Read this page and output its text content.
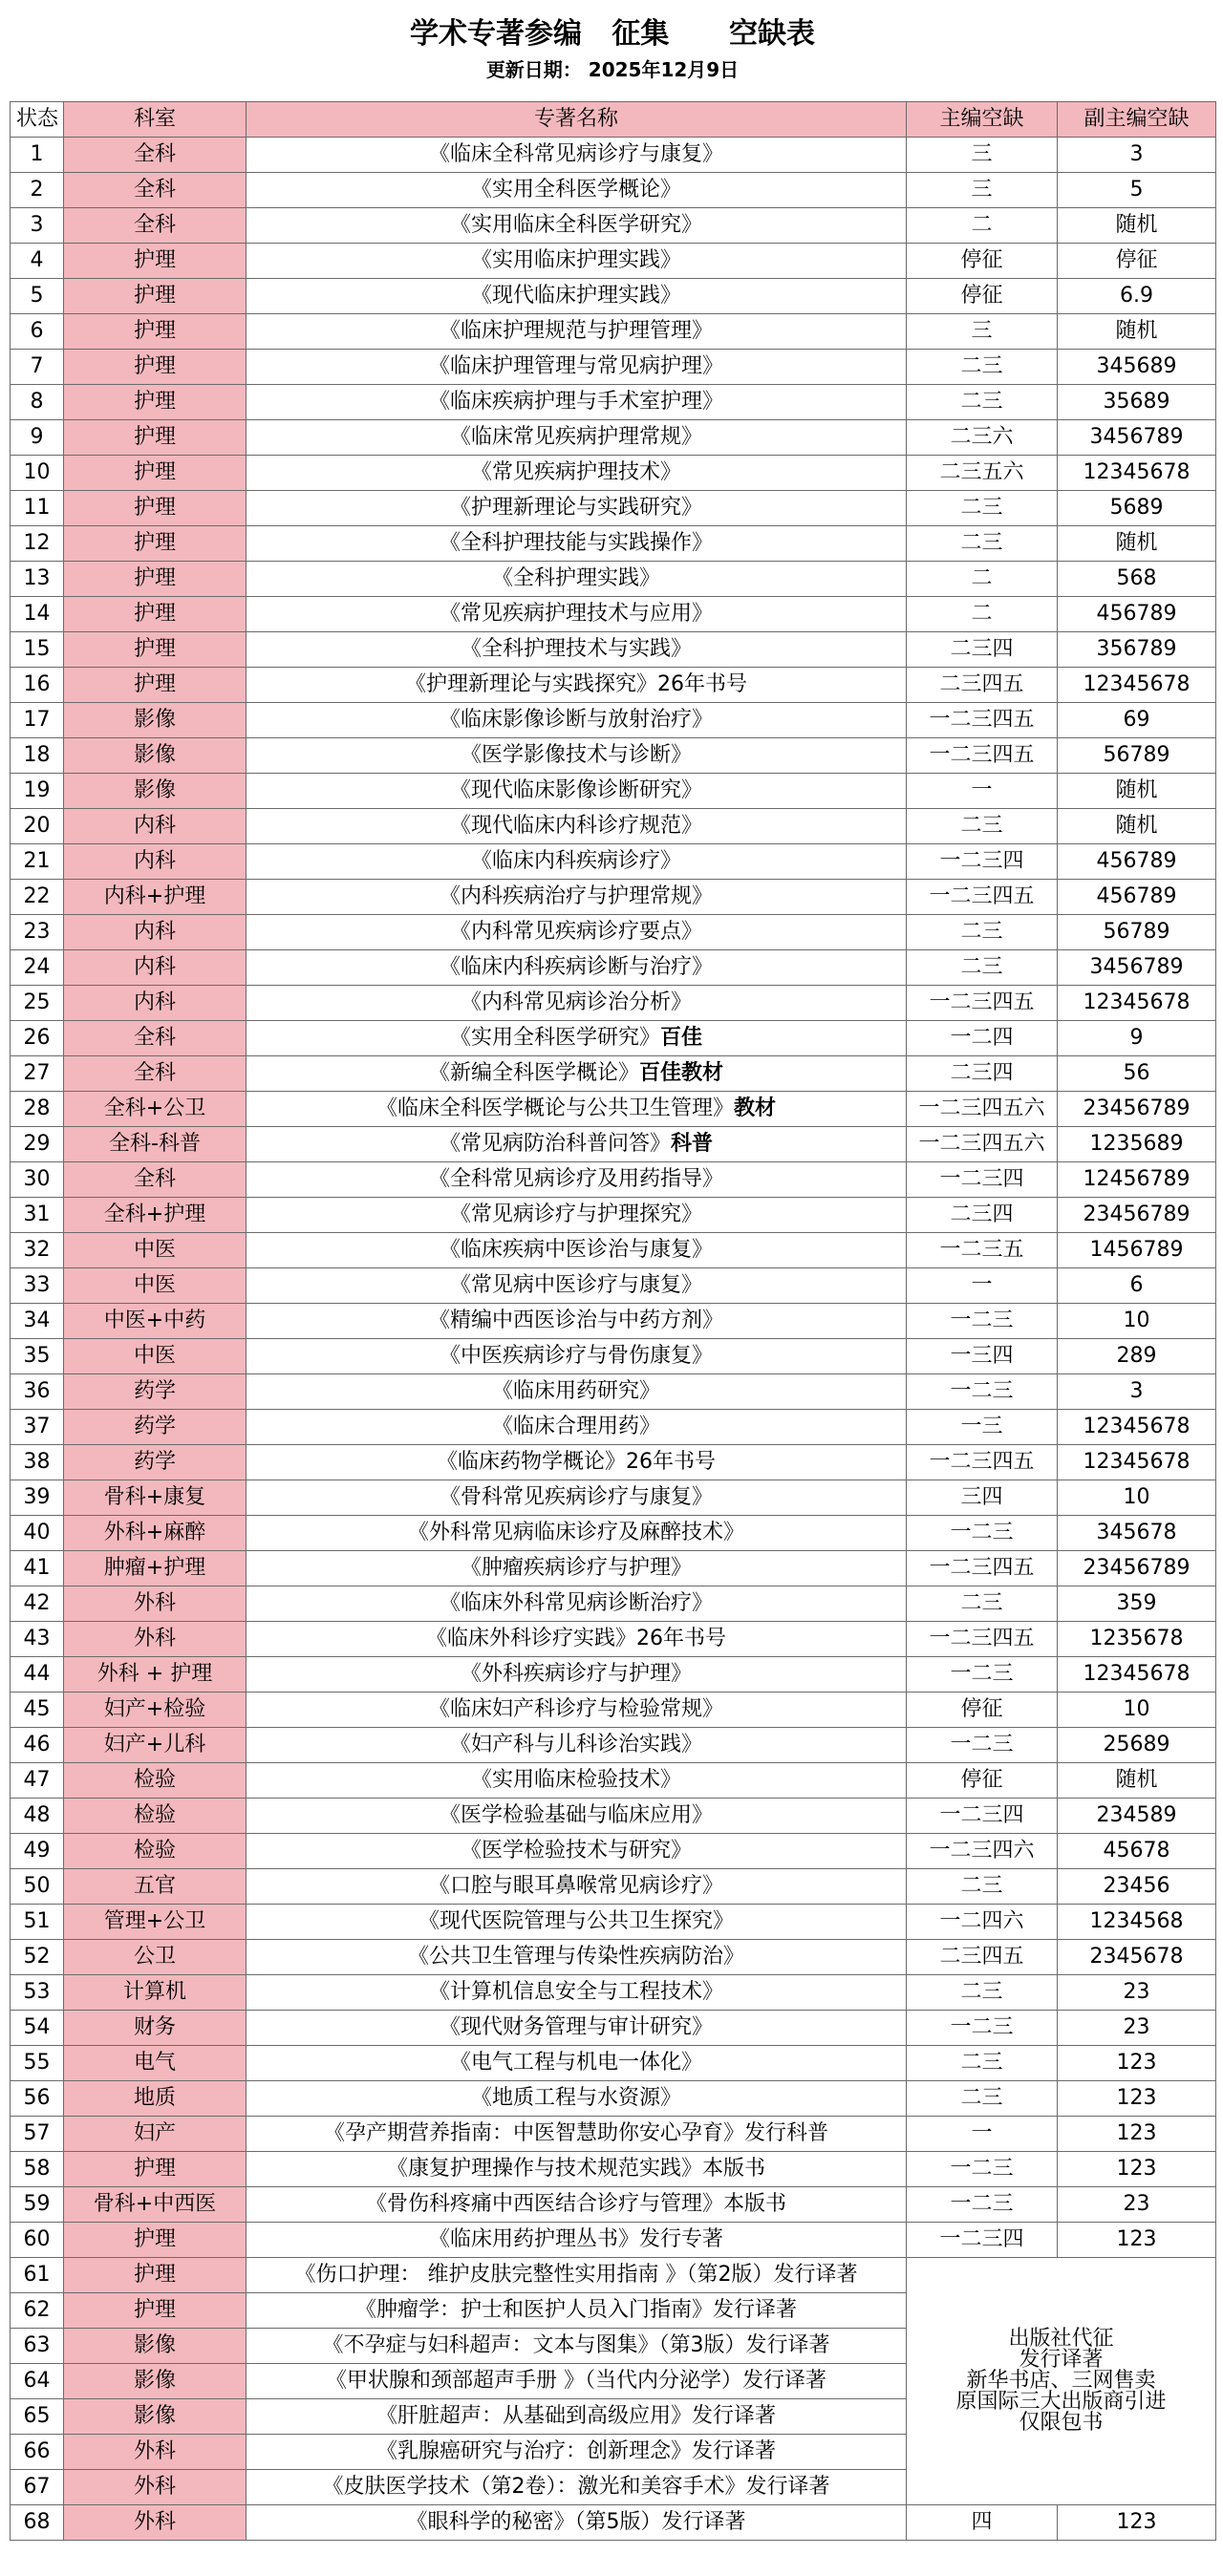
学术专著参编   征集      空缺表
更新日期： 2025年12月9日
状态	科室	专著名称	主编空缺	副主编空缺
1	全科	《临床全科常见病诊疗与康复》	三	3
2	全科	《实用全科医学概论》	三	5
3	全科	《实用临床全科医学研究》	二	随机
4	护理	《实用临床护理实践》	停征	停征
5	护理	《现代临床护理实践》	停征	6.9
6	护理	《临床护理规范与护理管理》	三	随机
7	护理	《临床护理管理与常见病护理》	二三	345689
8	护理	《临床疾病护理与手术室护理》	二三	35689
9	护理	《临床常见疾病护理常规》	二三六	3456789
10	护理	《常见疾病护理技术》	二三五六	12345678
11	护理	《护理新理论与实践研究》	二三	5689
12	护理	《全科护理技能与实践操作》	二三	随机
13	护理	《全科护理实践》	二	568
14	护理	《常见疾病护理技术与应用》	二	456789
15	护理	《全科护理技术与实践》	二三四	356789
16	护理	《护理新理论与实践探究》26年书号	二三四五	12345678
17	影像	《临床影像诊断与放射治疗》	一二三四五	69
18	影像	《医学影像技术与诊断》	一二三四五	56789
19	影像	《现代临床影像诊断研究》	一	随机
20	内科	《现代临床内科诊疗规范》	二三	随机
21	内科	《临床内科疾病诊疗》	一二三四	456789
22	内科+护理	《内科疾病治疗与护理常规》	一二三四五	456789
23	内科	《内科常见疾病诊疗要点》	二三	56789
24	内科	《临床内科疾病诊断与治疗》	二三	3456789
25	内科	《内科常见病诊治分析》	一二三四五	12345678
26	全科	《实用全科医学研究》百佳	一二四	9
27	全科	《新编全科医学概论》百佳教材	二三四	56
28	全科+公卫	《临床全科医学概论与公共卫生管理》教材	一二三四五六	23456789
29	全科-科普	《常见病防治科普问答》科普	一二三四五六	1235689
30	全科	《全科常见病诊疗及用药指导》	一二三四	12456789
31	全科+护理	《常见病诊疗与护理探究》	二三四	23456789
32	中医	《临床疾病中医诊治与康复》	一二三五	1456789
33	中医	《常见病中医诊疗与康复》	一	6
34	中医+中药	《精编中西医诊治与中药方剂》	一二三	10
35	中医	《中医疾病诊疗与骨伤康复》	一三四	289
36	药学	《临床用药研究》	一二三	3
37	药学	《临床合理用药》	一三	12345678
38	药学	《临床药物学概论》26年书号	一二三四五	12345678
39	骨科+康复	《骨科常见疾病诊疗与康复》	三四	10
40	外科+麻醉	《外科常见病临床诊疗及麻醉技术》	一二三	345678
41	肿瘤+护理	《肿瘤疾病诊疗与护理》	一二三四五	23456789
42	外科	《临床外科常见病诊断治疗》	二三	359
43	外科	《临床外科诊疗实践》26年书号	一二三四五	1235678
44	外科 + 护理	《外科疾病诊疗与护理》	一二三	12345678
45	妇产+检验	《临床妇产科诊疗与检验常规》	停征	10
46	妇产+儿科	《妇产科与儿科诊治实践》	一二三	25689
47	检验	《实用临床检验技术》	停征	随机
48	检验	《医学检验基础与临床应用》	一二三四	234589
49	检验	《医学检验技术与研究》	一二三四六	45678
50	五官	《口腔与眼耳鼻喉常见病诊疗》	二三	23456
51	管理+公卫	《现代医院管理与公共卫生探究》	一二四六	1234568
52	公卫	《公共卫生管理与传染性疾病防治》	二三四五	2345678
53	计算机	《计算机信息安全与工程技术》	二三	23
54	财务	《现代财务管理与审计研究》	一二三	23
55	电气	《电气工程与机电一体化》	二三	123
56	地质	《地质工程与水资源》	二三	123
57	妇产	《孕产期营养指南：中医智慧助你安心孕育》发行科普	一	123
58	护理	《康复护理操作与技术规范实践》本版书	一二三	123
59	骨科+中西医	《骨伤科疼痛中西医结合诊疗与管理》本版书	一二三	23
60	护理	《临床用药护理丛书》发行专著	一二三四	123
61	护理	《伤口护理： 维护皮肤完整性实用指南 》（第2版）发行译著	出版社代征
发行译著
新华书店、三网售卖
原国际三大出版商引进
仅限包书	

62	护理	《肿瘤学：护士和医护人员入门指南》发行译著		
63	影像	《不孕症与妇科超声：文本与图集》（第3版）发行译著		
64	影像	《甲状腺和颈部超声手册 》（当代内分泌学）发行译著		
65	影像	《肝脏超声：从基础到高级应用》发行译著		
66	外科	《乳腺癌研究与治疗：创新理念》发行译著		
67	外科	《皮肤医学技术（第2卷）：激光和美容手术》发行译著		
68	外科	《眼科学的秘密》（第5版）发行译著	四	123
